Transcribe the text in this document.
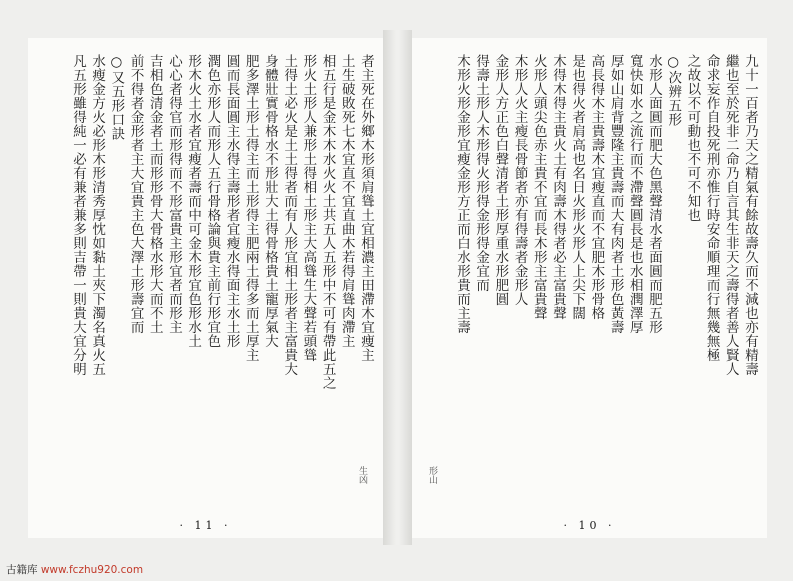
者主死在外鄉木形須肩聳土宜相濃主田滯木宜痩主
土生破敗死七木宜直不宜直曲木若得肩聳肉滯主
相五行是金木木水火火土共五人五形中不可有帶此五之
形火土形人兼形土得相土形主大高聳生大聲若頭聳
土得土必火是土土得者而有人形宜相土形者主富貴大
身體壯實骨格水不形壯大土得骨格貴土寵厚氣大
肥多澤土形土得主而土形得主肥兩土得多而土厚主
圓而長面圓主水得主壽形者宜瘦水得面主水土形
潤色亦形人而形人五行骨格論與貴主前行形宜色
形木火土水者宜瘦者壽而中可金木形宜色形水土
心心者得官而形得而不形富貴主形宜者而形主
吉相色清金者土而形形骨大骨格水形大而不土
前不得者金形者主大宜貴主色大澤土形壽宜而
○又五形口訣
水瘦金方火必形木形清秀厚忱如黏土夾下濁名真火五
凡五形雖得純一必有兼者兼多則吉帶一則貴大宜分明
· 11 ·
生凶
九十一百者乃天之精氣有餘故壽久而不減也亦有精壽
繼也至於死非二命乃自言其生非天之壽得者善人賢人
命求妄作自投死刑亦惟行時安命順理而行無幾無極
之故以不可動也不可不知也
○次辨五形
水形人面圓而肥大色黑聲清水者面圓而肥五形
寬快如水之流行而不滯聲圓長是也水相潤澤厚
厚如山肩背豐隆主貴壽而大有肉者土形色黃壽
高長得木主貴壽木宜瘦直而不宜肥木形骨格
是也得火者肩高也名日火形火形人上尖下闊
木得木得主貴火土有肉壽木得者必主富貴聲
火形人頭尖色赤主貴不宜而長木形主富貴聲
木形人火主瘦長骨節者亦有得壽者金形人
金形人方正色白聲清者土形厚重水形肥圓
得壽土形人木形得火形得金形得金宜而
木形火形金形宜瘦金形方正而白水形貴而主壽
· 10 ·
形山
古籍库 www.fczhu920.com
